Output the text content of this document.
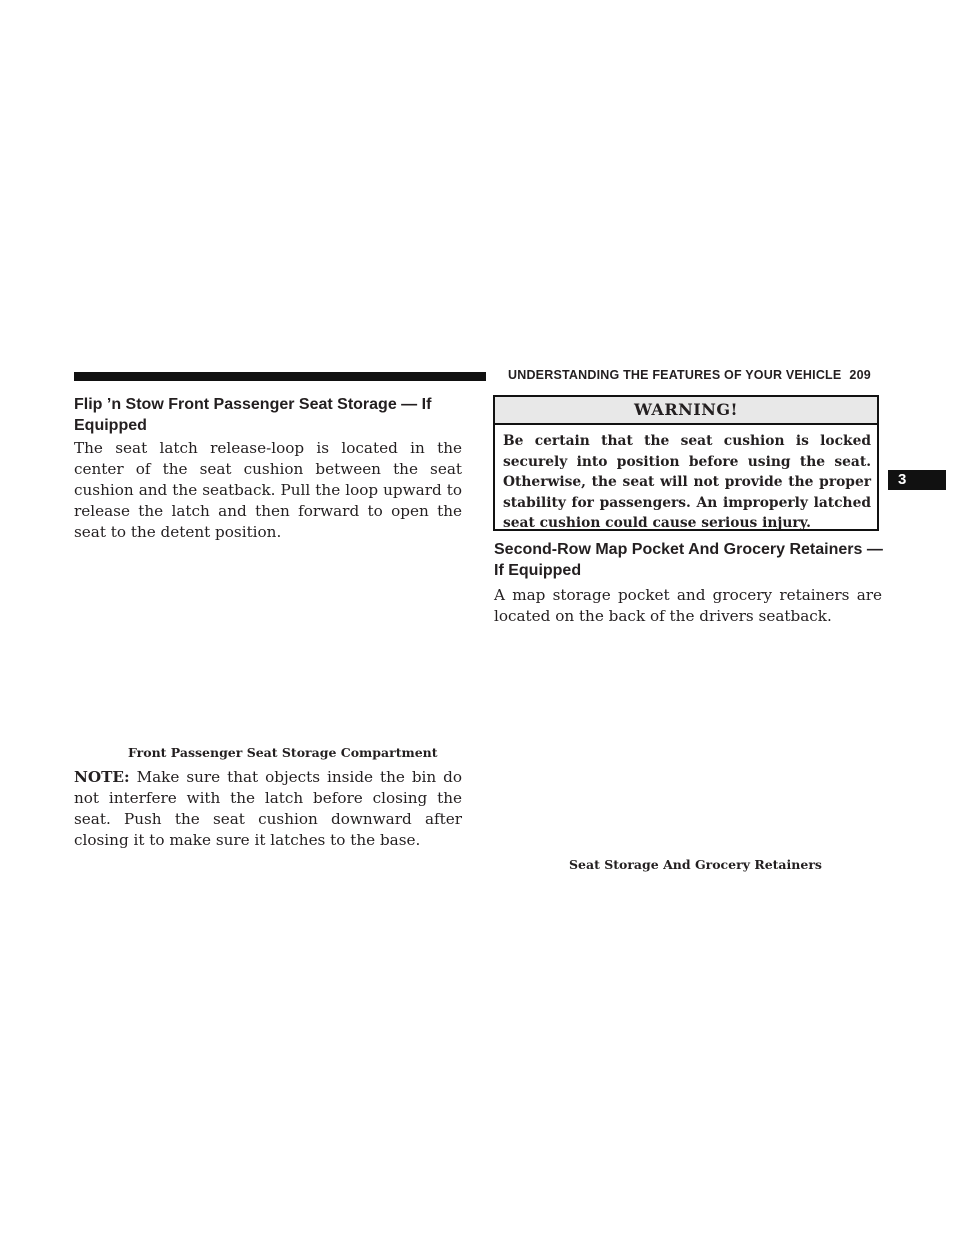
UNDERSTANDING THE FEATURES OF YOUR VEHICLE 209
3
Flip ’n Stow Front Passenger Seat Storage — If Equipped

The seat latch release-loop is located in the center of the seat cushion between the seat cushion and the seatback. Pull the loop upward to release the latch and then forward to open the seat to the detent position.

Front Passenger Seat Storage Compartment

NOTE: Make sure that objects inside the bin do not interfere with the latch before closing the seat. Push the seat cushion downward after closing it to make sure it latches to the base.

WARNING!

Be certain that the seat cushion is locked securely into position before using the seat. Otherwise, the seat will not provide the proper stability for passengers. An improperly latched seat cushion could cause serious injury.

Second-Row Map Pocket And Grocery Retainers — If Equipped

A map storage pocket and grocery retainers are located on the back of the drivers seatback.

Seat Storage And Grocery Retainers
